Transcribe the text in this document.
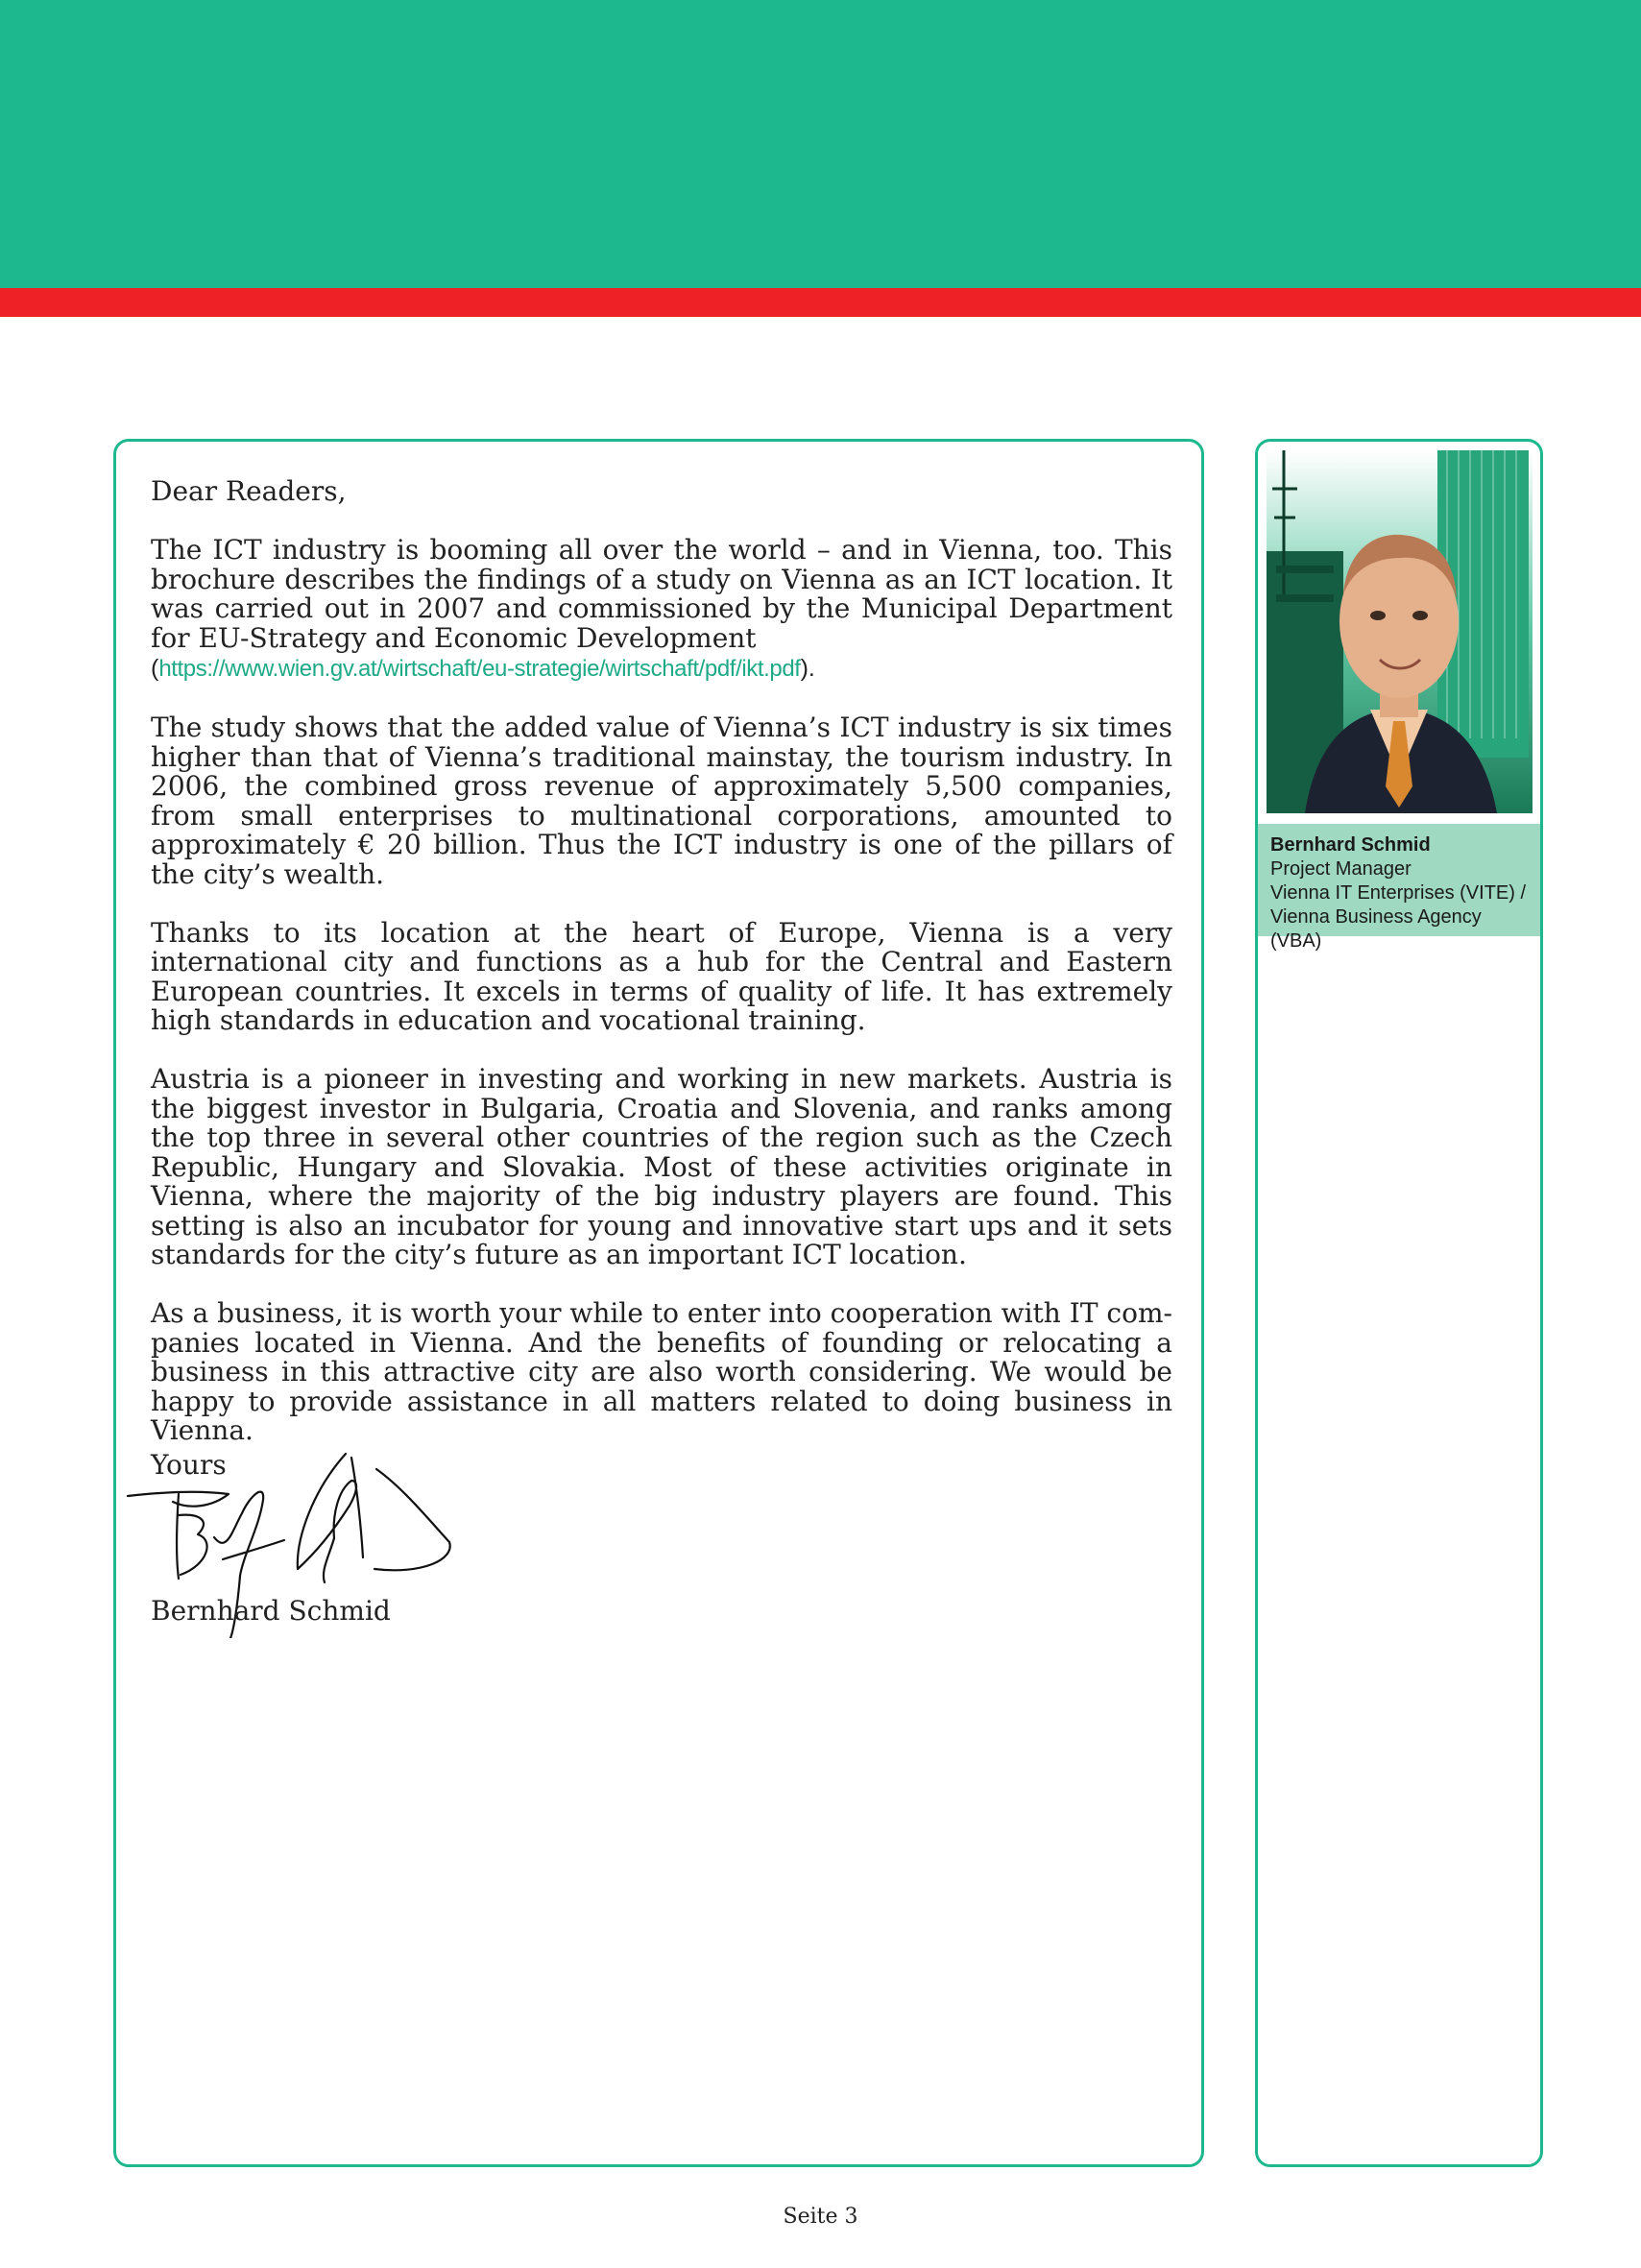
Dear Readers,

The ICT industry is booming all over the world – and in Vienna, too. This brochure describes the findings of a study on Vienna as an ICT location. It was carried out in 2007 and commissioned by the Municipal Department for EU-Strategy and Economic Development
(https://www.wien.gv.at/wirtschaft/eu-strategie/wirtschaft/pdf/ikt.pdf).

The study shows that the added value of Vienna’s ICT industry is six times higher than that of Vienna’s traditional mainstay, the tourism industry. In 2006, the combined gross revenue of approximately 5,500 companies, from small enterprises to multinational corporations, amounted to approximately € 20 billion. Thus the ICT industry is one of the pillars of the city’s wealth.

Thanks to its location at the heart of Europe, Vienna is a very international city and functions as a hub for the Central and Eastern European countries. It excels in terms of quality of life. It has extremely high standards in education and vocational training.

Austria is a pioneer in investing and working in new markets. Austria is the biggest investor in Bulgaria, Croatia and Slovenia, and ranks among the top three in several other countries of the region such as the Czech Republic, Hungary and Slovakia. Most of these activities originate in Vienna, where the majority of the big industry players are found. This setting is also an incubator for young and innovative start ups and it sets standards for the city’s future as an important ICT location.

As a business, it is worth your while to enter into cooperation with IT companies located in Vienna. And the benefits of founding or relocating a business in this attractive city are also worth considering. We would be happy to provide assistance in all matters related to doing business in Vienna.

Yours
Bernhard Schmid
Bernhard Schmid
Project Manager
Vienna IT Enterprises (VITE) /
Vienna Business Agency (VBA)
Seite 3
